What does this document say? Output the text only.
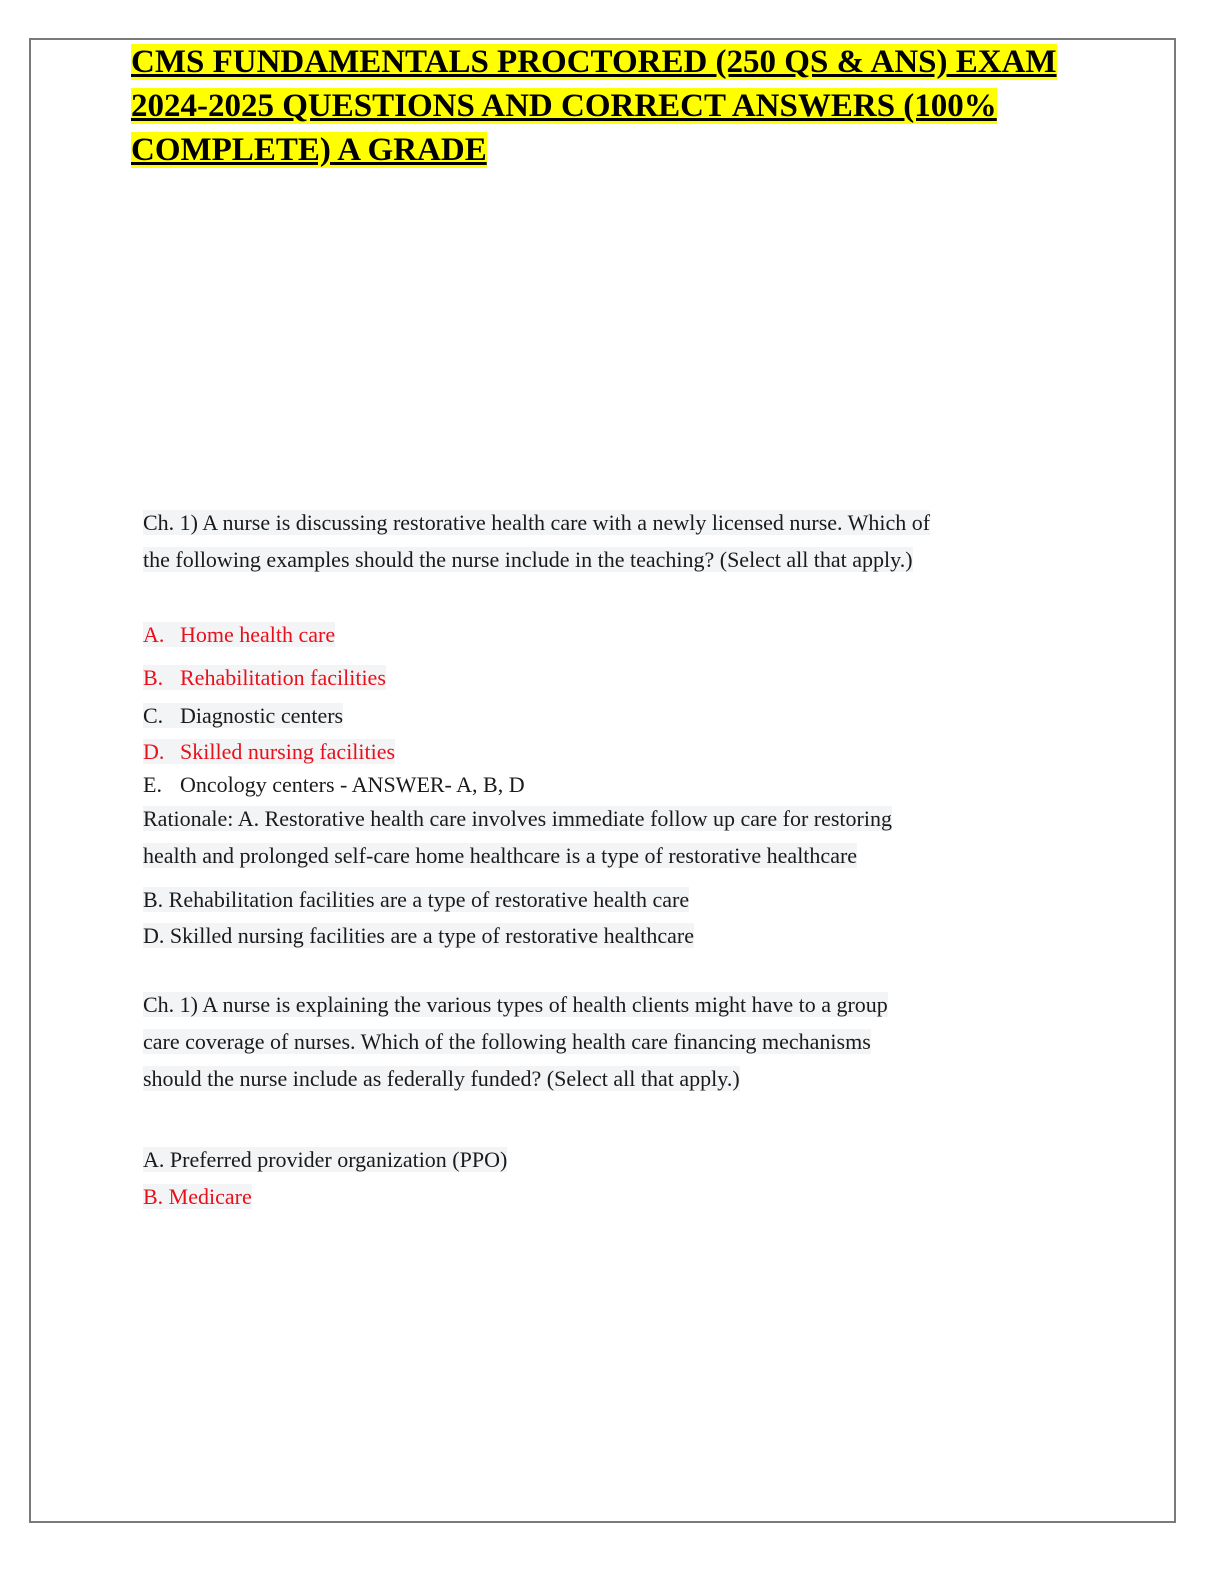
CMS FUNDAMENTALS PROCTORED (250 QS & ANS) EXAM 2024-2025 QUESTIONS AND CORRECT ANSWERS (100% COMPLETE) A GRADE
Ch. 1) A nurse is discussing restorative health care with a newly licensed nurse. Which of
the following examples should the nurse include in the teaching? (Select all that apply.)
A. Home health care
B. Rehabilitation facilities
C. Diagnostic centers
D. Skilled nursing facilities
E. Oncology centers - ANSWER- A, B, D
Rationale: A. Restorative health care involves immediate follow up care for restoring
health and prolonged self-care home healthcare is a type of restorative healthcare
B. Rehabilitation facilities are a type of restorative health care
D. Skilled nursing facilities are a type of restorative healthcare
Ch. 1) A nurse is explaining the various types of health clients might have to a group
care coverage of nurses. Which of the following health care financing mechanisms
should the nurse include as federally funded? (Select all that apply.)
A. Preferred provider organization (PPO)
B. Medicare
